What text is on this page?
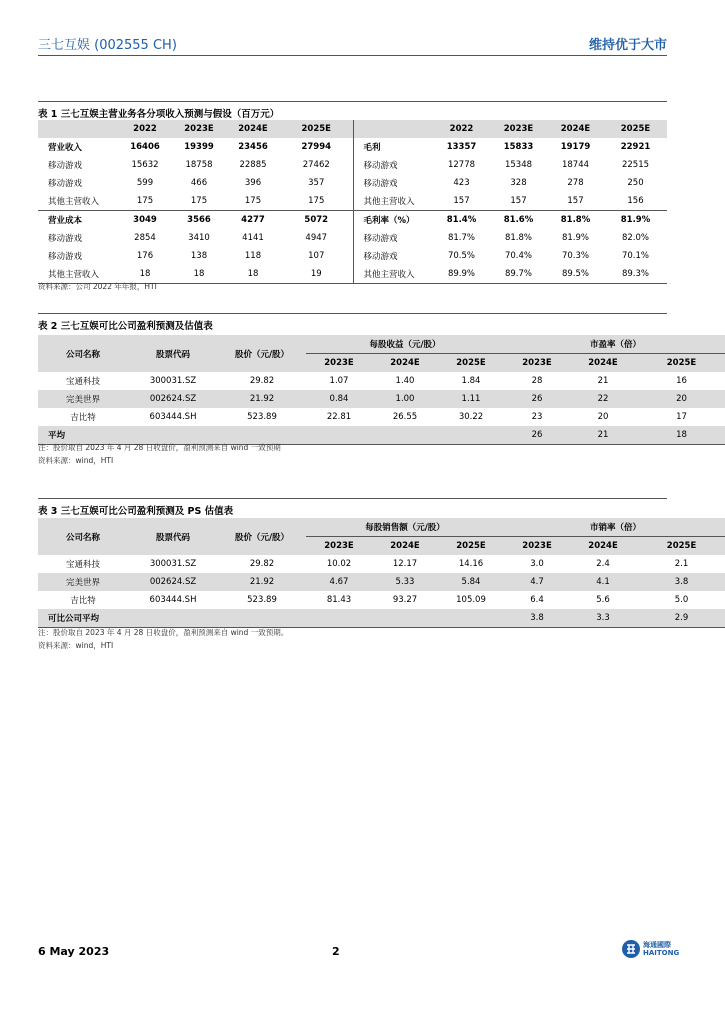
三七互娱 (002555 CH)	维持优于大市
表 1 三七互娱主营业务各分项收入预测与假设（百万元）
	2022	2023E	2024E	2025E		2022	2023E	2024E	2025E
营业收入	16406	19399	23456	27994	毛利	13357	15833	19179	22921
移动游戏	15632	18758	22885	27462	移动游戏	12778	15348	18744	22515
移动游戏	599	466	396	357	移动游戏	423	328	278	250
其他主营收入	175	175	175	175	其他主营收入	157	157	157	156
营业成本	3049	3566	4277	5072	毛利率（%）	81.4%	81.6%	81.8%	81.9%
移动游戏	2854	3410	4141	4947	移动游戏	81.7%	81.8%	81.9%	82.0%
移动游戏	176	138	118	107	移动游戏	70.5%	70.4%	70.3%	70.1%
其他主营收入	18	18	18	19	其他主营收入	89.9%	89.7%	89.5%	89.3%
资料来源：公司 2022 年年报，HTI
表 2 三七互娱可比公司盈利预测及估值表
公司名称	股票代码	股价（元/股）	每股收益（元/股）			市盈率（倍）		
			2023E	2024E	2025E	2023E	2024E	2025E
宝通科技	300031.SZ	29.82	1.07	1.40	1.84	28	21	16
完美世界	002624.SZ	21.92	0.84	1.00	1.11	26	22	20
吉比特	603444.SH	523.89	22.81	26.55	30.22	23	20	17
平均						26	21	18
注：股价取自 2023 年 4 月 28 日收盘价，盈利预测来自 wind 一致预期
资料来源：wind，HTI
表 3 三七互娱可比公司盈利预测及 PS 估值表
公司名称	股票代码	股价（元/股）	每股销售额（元/股）			市销率（倍）		
			2023E	2024E	2025E	2023E	2024E	2025E
宝通科技	300031.SZ	29.82	10.02	12.17	14.16	3.0	2.4	2.1
完美世界	002624.SZ	21.92	4.67	5.33	5.84	4.7	4.1	3.8
吉比特	603444.SH	523.89	81.43	93.27	105.09	6.4	5.6	5.0
可比公司平均						3.8	3.3	2.9
注：股价取自 2023 年 4 月 28 日收盘价，盈利预测来自 wind 一致预期。
资料来源：wind，HTI
6 May 2023	2	海通國際
HAITONG
